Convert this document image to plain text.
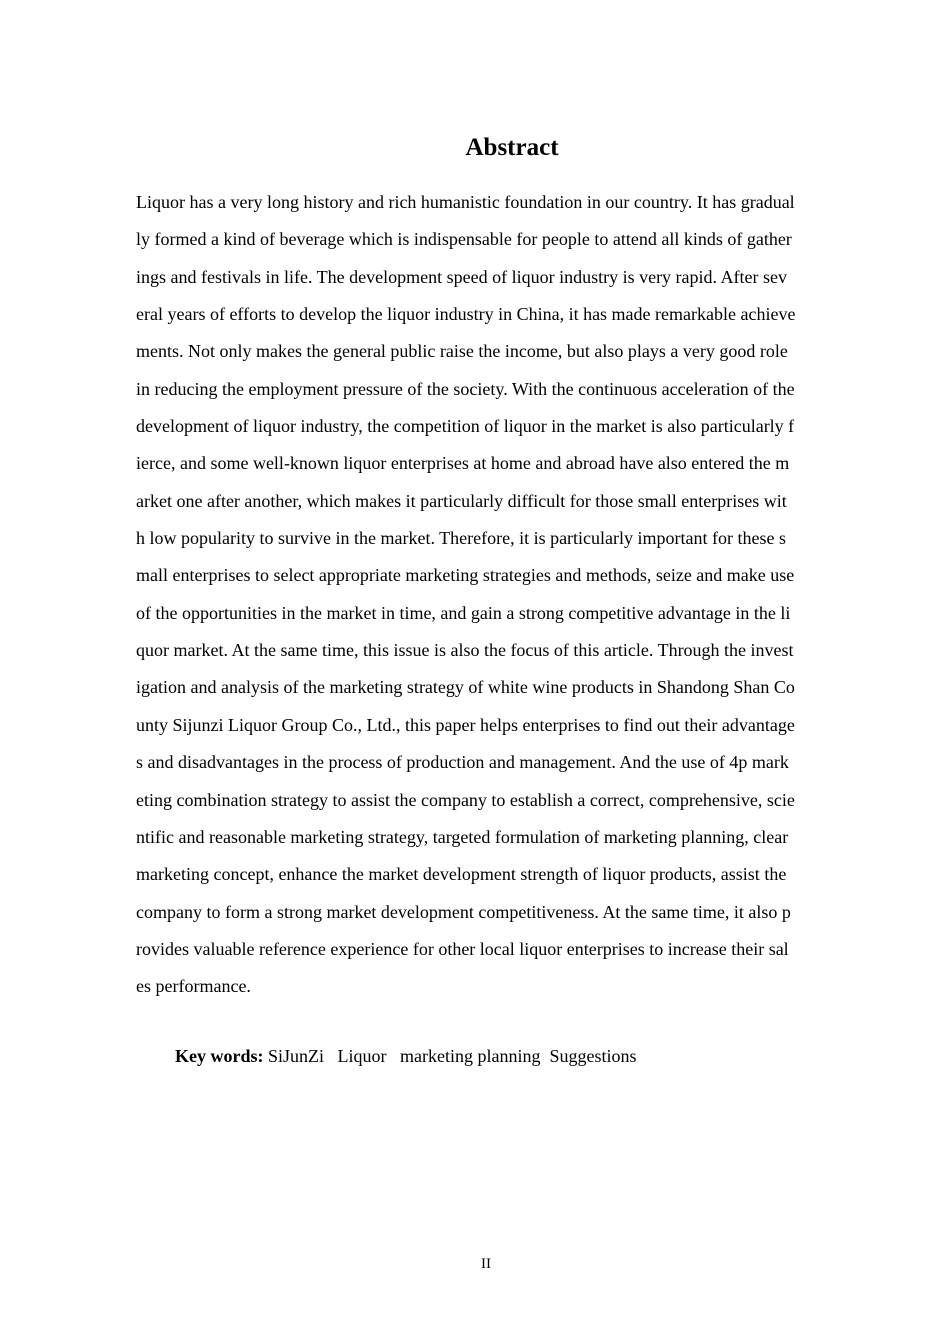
Abstract
Liquor has a very long history and rich humanistic foundation in our country. It has gradual
ly formed a kind of beverage which is indispensable for people to attend all kinds of gather
ings and festivals in life. The development speed of liquor industry is very rapid. After sev
eral years of efforts to develop the liquor industry in China, it has made remarkable achieve
ments. Not only makes the general public raise the income, but also plays a very good role
in reducing the employment pressure of the society. With the continuous acceleration of the
development of liquor industry, the competition of liquor in the market is also particularly f
ierce, and some well-known liquor enterprises at home and abroad have also entered the m
arket one after another, which makes it particularly difficult for those small enterprises wit
h low popularity to survive in the market. Therefore, it is particularly important for these s
mall enterprises to select appropriate marketing strategies and methods, seize and make use
of the opportunities in the market in time, and gain a strong competitive advantage in the li
quor market. At the same time, this issue is also the focus of this article. Through the invest
igation and analysis of the marketing strategy of white wine products in Shandong Shan Co
unty Sijunzi Liquor Group Co., Ltd., this paper helps enterprises to find out their advantage
s and disadvantages in the process of production and management. And the use of 4p mark
eting combination strategy to assist the company to establish a correct, comprehensive, scie
ntific and reasonable marketing strategy, targeted formulation of marketing planning, clear
marketing concept, enhance the market development strength of liquor products, assist the
company to form a strong market development competitiveness. At the same time, it also p
rovides valuable reference experience for other local liquor enterprises to increase their sal
es performance.
Key words: SiJunZi   Liquor   marketing planning  Suggestions
II
